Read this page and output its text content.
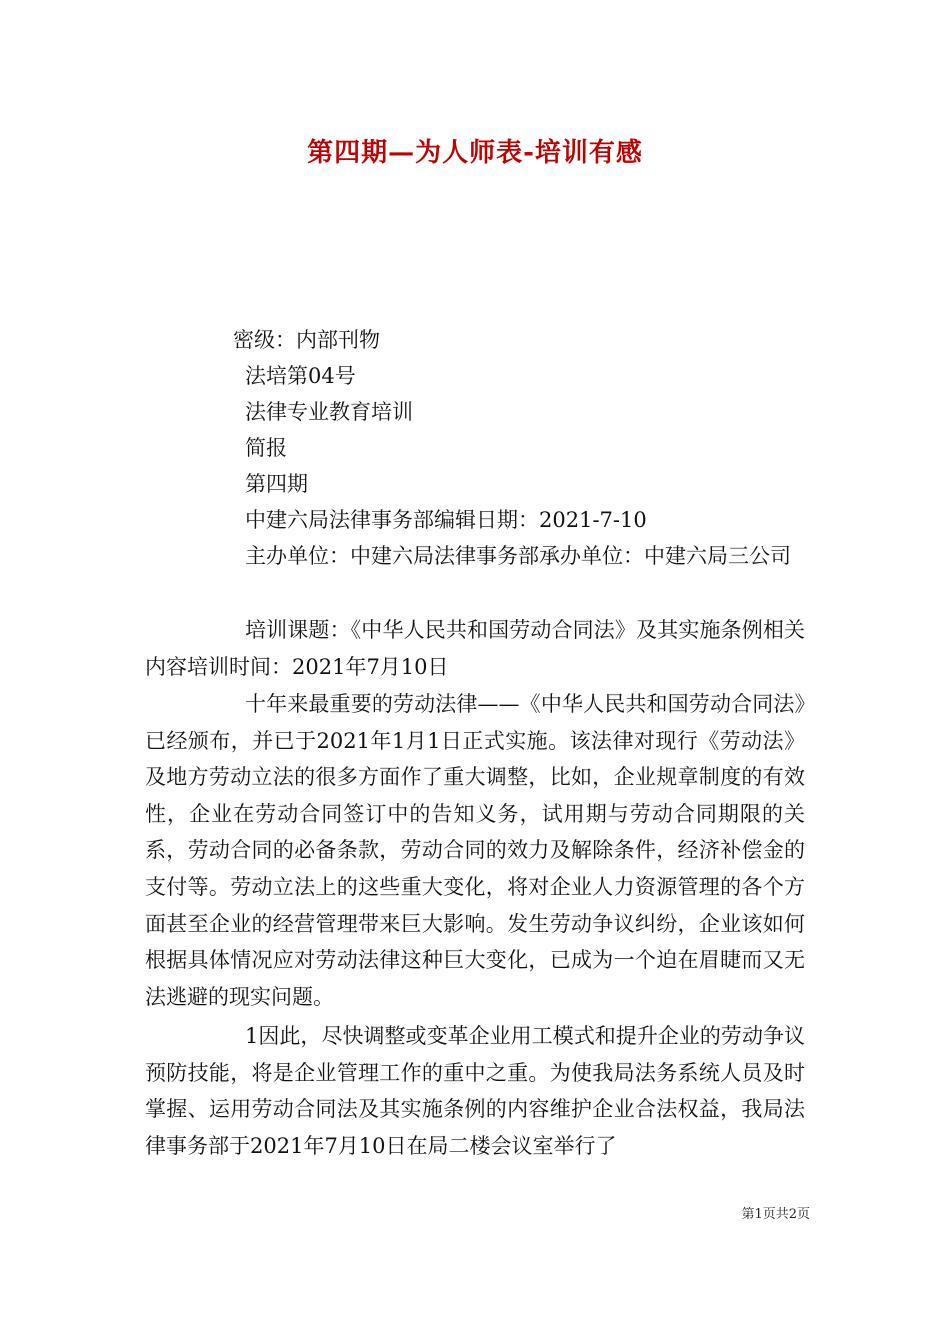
第四期—为人师表-培训有感
密级：内部刊物
法培第04号
法律专业教育培训
简报
第四期
中建六局法律事务部编辑日期：2021-7-10
主办单位：中建六局法律事务部承办单位：中建六局三公司
培训课题：《中华人民共和国劳动合同法》及其实施条例相关内容培训时间：2021年7月10日
十年来最重要的劳动法律——《中华人民共和国劳动合同法》已经颁布，并已于2021年1月1日正式实施。该法律对现行《劳动法》及地方劳动立法的很多方面作了重大调整，比如，企业规章制度的有效性，企业在劳动合同签订中的告知义务，试用期与劳动合同期限的关系，劳动合同的必备条款，劳动合同的效力及解除条件，经济补偿金的支付等。劳动立法上的这些重大变化，将对企业人力资源管理的各个方面甚至企业的经营管理带来巨大影响。发生劳动争议纠纷，企业该如何根据具体情况应对劳动法律这种巨大变化，已成为一个迫在眉睫而又无法逃避的现实问题。
1因此，尽快调整或变革企业用工模式和提升企业的劳动争议预防技能，将是企业管理工作的重中之重。为使我局法务系统人员及时掌握、运用劳动合同法及其实施条例的内容维护企业合法权益，我局法律事务部于2021年7月10日在局二楼会议室举行了
第1页共2页
